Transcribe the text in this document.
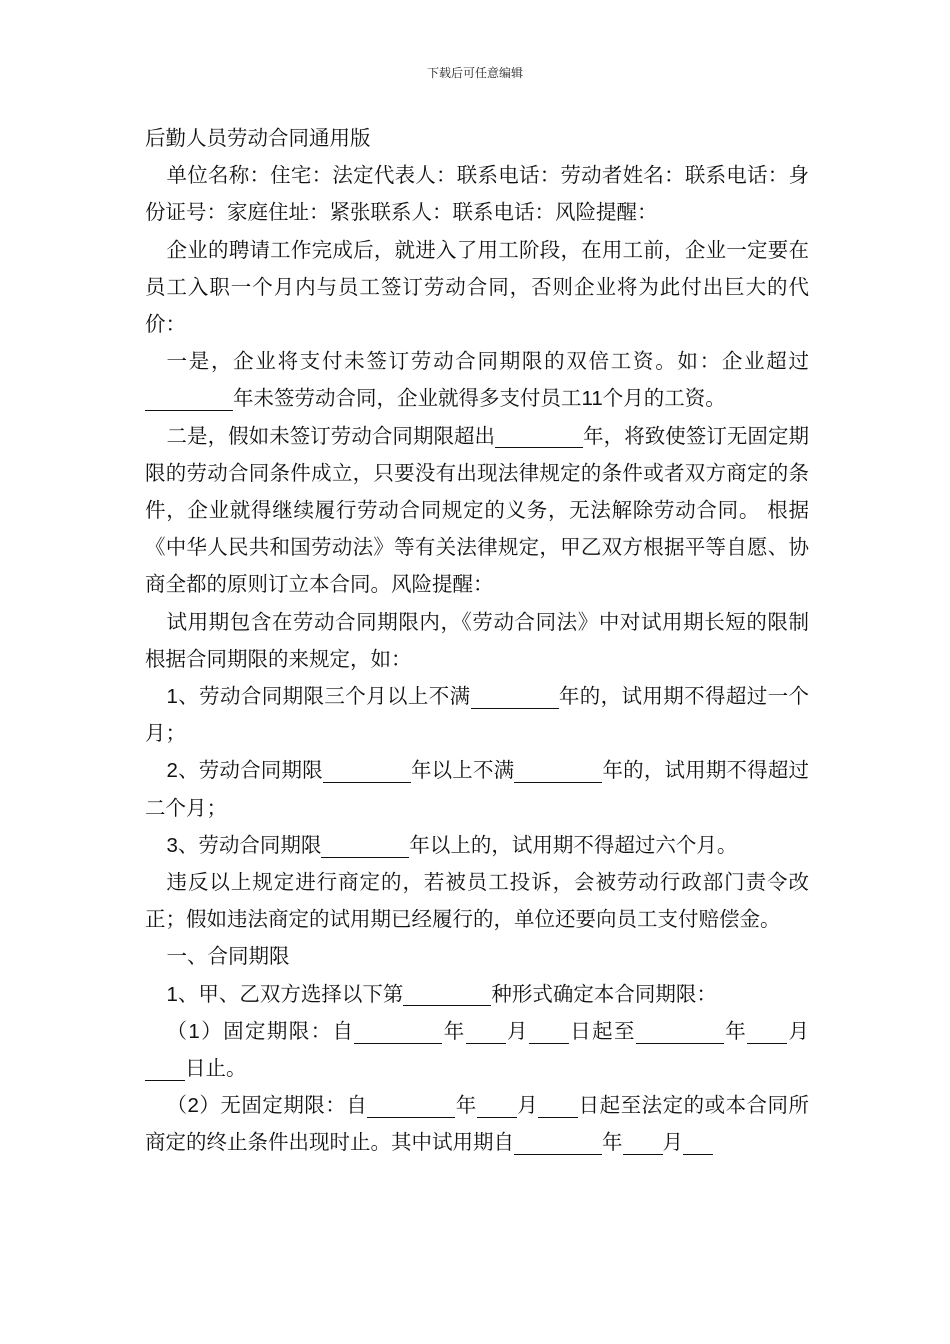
下载后可任意编辑
后勤人员劳动合同通用版

单位名称：住宅：法定代表人：联系电话：劳动者姓名：联系电话：身份证号：家庭住址：紧张联系人：联系电话：风险提醒：

企业的聘请工作完成后，就进入了用工阶段，在用工前，企业一定要在员工入职一个月内与员工签订劳动合同，否则企业将为此付出巨大的代价：

一是，企业将支付未签订劳动合同期限的双倍工资。如：企业超过年未签劳动合同，企业就得多支付员工11个月的工资。

二是，假如未签订劳动合同期限超出	年，将致使签订无固定期限的劳动合同条件成立，只要没有出现法律规定的条件或者双方商定的条件，企业就得继续履行劳动合同规定的义务，无法解除劳动合同。 根据《中华人民共和国劳动法》等有关法律规定，甲乙双方根据平等自愿、协商全都的原则订立本合同。风险提醒：

试用期包含在劳动合同期限内，《劳动合同法》中对试用期长短的限制根据合同期限的来规定，如：

1、劳动合同期限三个月以上不满	年的，试用期不得超过一个月；

2、劳动合同期限	年以上不满	年的，试用期不得超过二个月；

3、劳动合同期限	年以上的，试用期不得超过六个月。

违反以上规定进行商定的，若被员工投诉，会被劳动行政部门责令改正；假如违法商定的试用期已经履行的，单位还要向员工支付赔偿金。

一、合同期限

1、甲、乙双方选择以下第	种形式确定本合同期限：

（1）固定期限：自	年 月 日起至	年 月日止。

（2）无固定期限：自	年 月 日起至法定的或本合同所商定的终止条件出现时止。其中试用期自	年 月
